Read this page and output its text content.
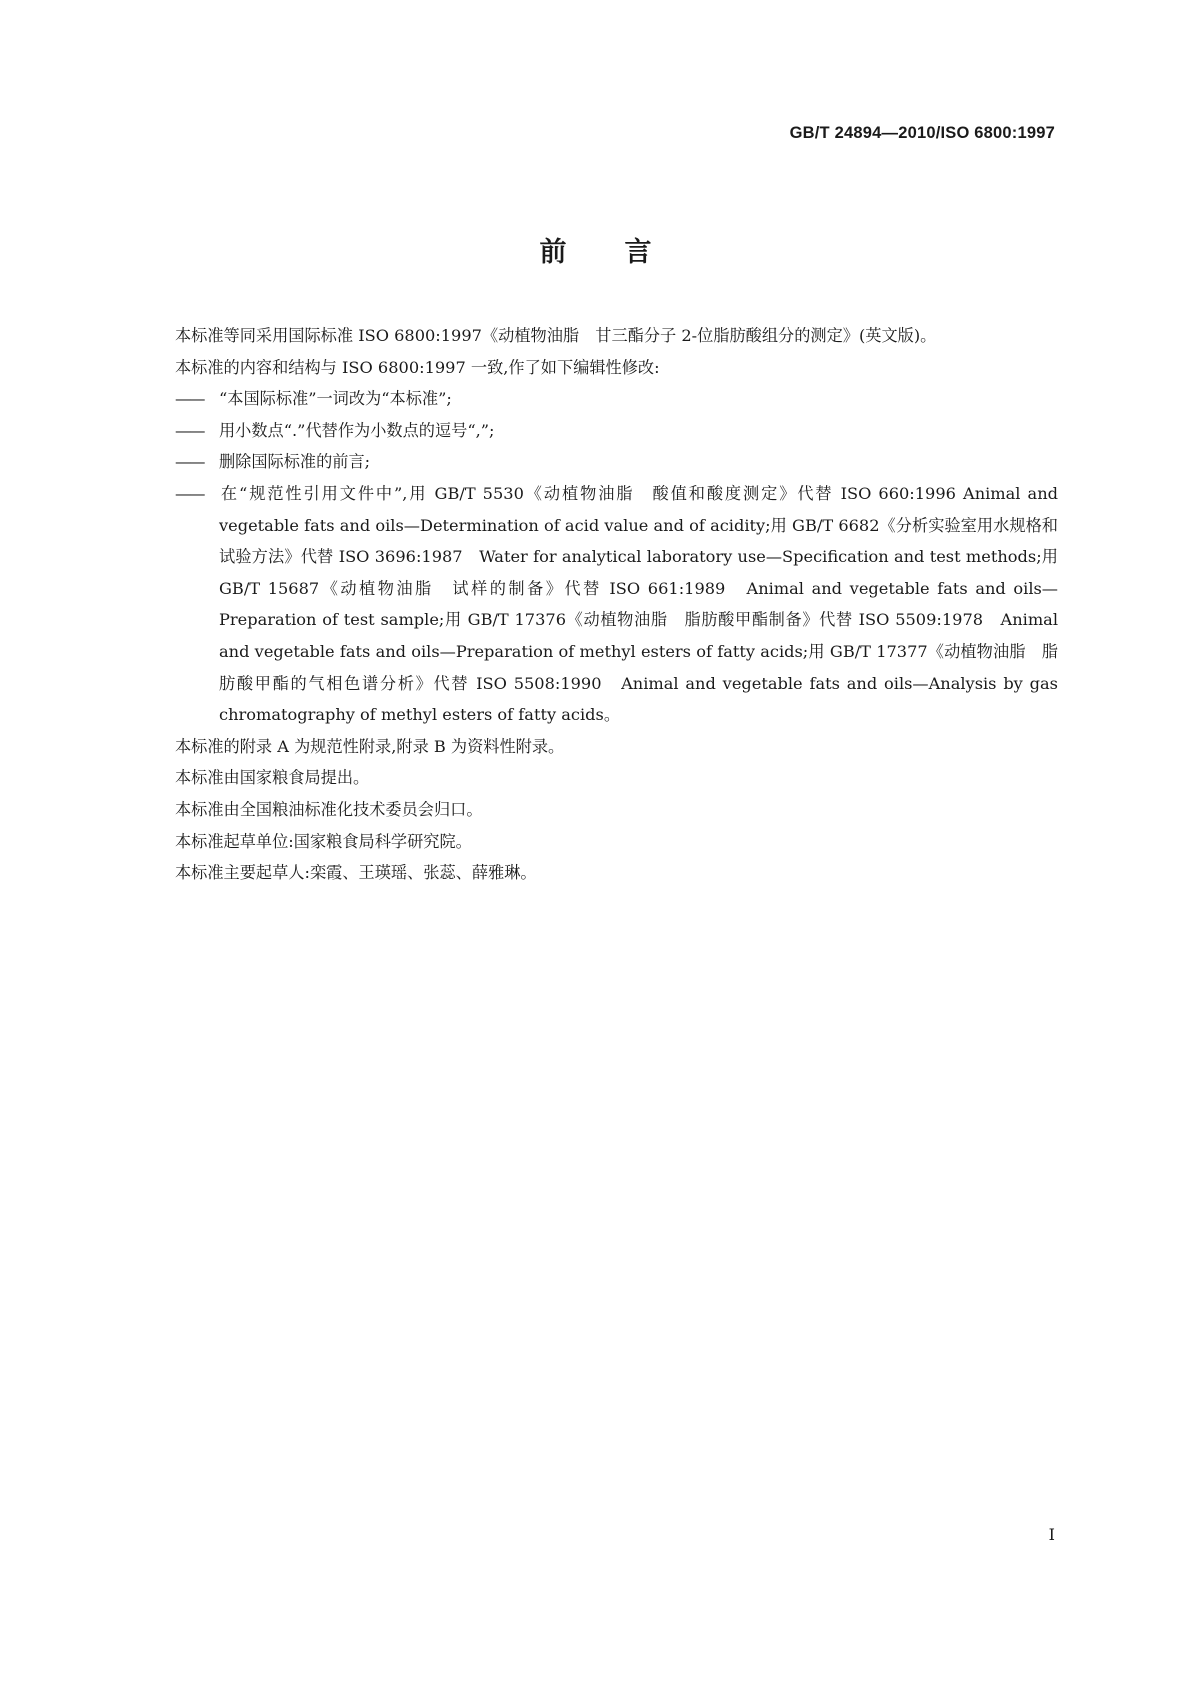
GB/T 24894—2010/ISO 6800:1997
前言

本标准等同采用国际标准 ISO 6800:1997《动植物油脂　甘三酯分子 2-位脂肪酸组分的测定》(英文版)。

本标准的内容和结构与 ISO 6800:1997 一致,作了如下编辑性修改:

—— “本国际标准”一词改为“本标准”;

—— 用小数点“.”代替作为小数点的逗号“,”;

—— 删除国际标准的前言;

—— 在“规范性引用文件中”,用 GB/T 5530《动植物油脂　酸值和酸度测定》代替 ISO 660:1996 Animal and vegetable fats and oils—Determination of acid value and of acidity;用 GB/T 6682《分析实验室用水规格和试验方法》代替 ISO 3696:1987　Water for analytical laboratory use—Specification and test methods;用 GB/T 15687《动植物油脂　试样的制备》代替 ISO 661:1989　Animal and vegetable fats and oils—Preparation of test sample;用 GB/T 17376《动植物油脂　脂肪酸甲酯制备》代替 ISO 5509:1978　Animal and vegetable fats and oils—Preparation of methyl esters of fatty acids;用 GB/T 17377《动植物油脂　脂肪酸甲酯的气相色谱分析》代替 ISO 5508:1990　Animal and vegetable fats and oils—Analysis by gas chromatography of methyl esters of fatty acids。

本标准的附录 A 为规范性附录,附录 B 为资料性附录。

本标准由国家粮食局提出。

本标准由全国粮油标准化技术委员会归口。

本标准起草单位:国家粮食局科学研究院。

本标准主要起草人:栾霞、王瑛瑶、张蕊、薛雅琳。

I
